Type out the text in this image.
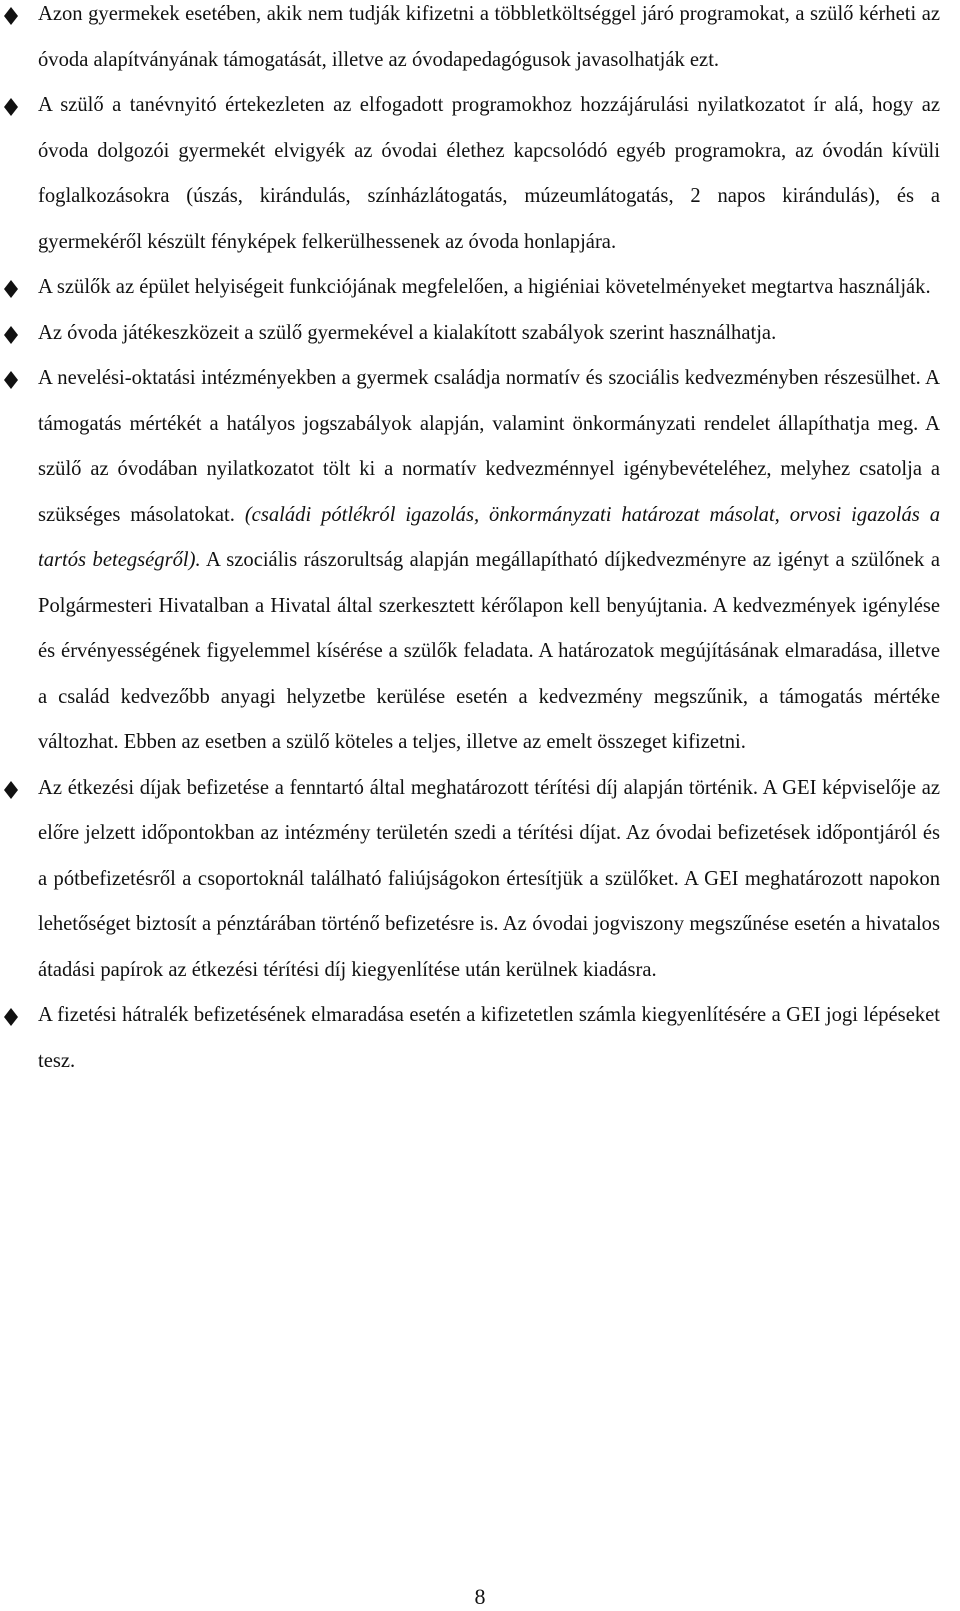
Azon gyermekek esetében, akik nem tudják kifizetni a többletköltséggel járó programokat, a szülő kérheti az óvoda alapítványának támogatását, illetve az óvodapedagógusok javasolhatják ezt.
A szülő a tanévnyitó értekezleten az elfogadott programokhoz hozzájárulási nyilatkozatot ír alá, hogy az óvoda dolgozói gyermekét elvigyék az óvodai élethez kapcsolódó egyéb programokra, az óvodán kívüli foglalkozásokra (úszás, kirándulás, színházlátogatás, múzeumlátogatás, 2 napos kirándulás), és a gyermekéről készült fényképek felkerülhessenek az óvoda honlapjára.
A szülők az épület helyiségeit funkciójának megfelelően, a higiéniai követelményeket megtartva használják.
Az óvoda játékeszközeit a szülő gyermekével a kialakított szabályok szerint használhatja.
A nevelési-oktatási intézményekben a gyermek családja normatív és szociális kedvezményben részesülhet. A támogatás mértékét a hatályos jogszabályok alapján, valamint önkormányzati rendelet állapíthatja meg. A szülő az óvodában nyilatkozatot tölt ki a normatív kedvezménnyel igénybevételéhez, melyhez csatolja a szükséges másolatokat. (családi pótlékról igazolás, önkormányzati határozat másolat, orvosi igazolás a tartós betegségről). A szociális rászorultság alapján megállapítható díjkedvezményre az igényt a szülőnek a Polgármesteri Hivatalban a Hivatal által szerkesztett kérőlapon kell benyújtania. A kedvezmények igénylése és érvényességének figyelemmel kísérése a szülők feladata. A határozatok megújításának elmaradása, illetve a család kedvezőbb anyagi helyzetbe kerülése esetén a kedvezmény megszűnik, a támogatás mértéke változhat. Ebben az esetben a szülő köteles a teljes, illetve az emelt összeget kifizetni.
Az étkezési díjak befizetése a fenntartó által meghatározott térítési díj alapján történik. A GEI képviselője az előre jelzett időpontokban az intézmény területén szedi a térítési díjat. Az óvodai befizetések időpontjáról és a pótbefizetésről a csoportoknál található faliújságokon értesítjük a szülőket. A GEI meghatározott napokon lehetőséget biztosít a pénztárában történő befizetésre is. Az óvodai jogviszony megszűnése esetén a hivatalos átadási papírok az étkezési térítési díj kiegyenlítése után kerülnek kiadásra.
A fizetési hátralék befizetésének elmaradása esetén a kifizetetlen számla kiegyenlítésére a GEI jogi lépéseket tesz.
8
